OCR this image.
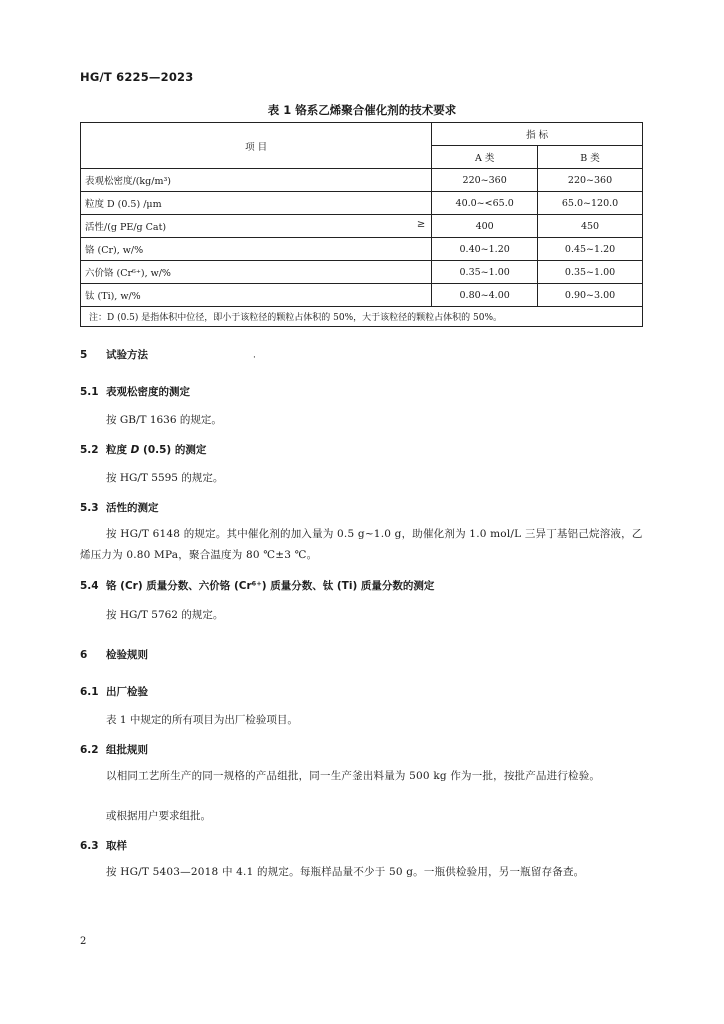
HG/T 6225—2023
表 1 铬系乙烯聚合催化剂的技术要求
项 目	指 标	
	A 类	B 类
表观松密度/(kg/m³)	220~360	220~360
粒度 D (0.5) /μm	40.0~<65.0	65.0~120.0
活性/(g PE/g Cat) ≥	400	450
铬 (Cr), w/%	0.40~1.20	0.45~1.20
六价铬 (Cr⁶⁺), w/%	0.35~1.00	0.35~1.00
钛 (Ti), w/%	0.80~4.00	0.90~3.00
注：D (0.5) 是指体积中位径，即小于该粒径的颗粒占体积的 50%，大于该粒径的颗粒占体积的 50%。		
5 试验方法	·
5.1 表观松密度的测定
按 GB/T 1636 的规定。
5.2 粒度 D (0.5) 的测定
按 HG/T 5595 的规定。
5.3 活性的测定
按 HG/T 6148 的规定。其中催化剂的加入量为 0.5 g~1.0 g，助催化剂为 1.0 mol/L 三异丁基铝己烷溶液，乙烯压力为 0.80 MPa，聚合温度为 80 ℃±3 ℃。
5.4 铬 (Cr) 质量分数、六价铬 (Cr⁶⁺) 质量分数、钛 (Ti) 质量分数的测定
按 HG/T 5762 的规定。
6 检验规则
6.1 出厂检验
表 1 中规定的所有项目为出厂检验项目。
6.2 组批规则
以相同工艺所生产的同一规格的产品组批，同一生产釜出料量为 500 kg 作为一批，按批产品进行检验。
或根据用户要求组批。
6.3 取样
按 HG/T 5403—2018 中 4.1 的规定。每瓶样品量不少于 50 g。一瓶供检验用，另一瓶留存备查。
2
